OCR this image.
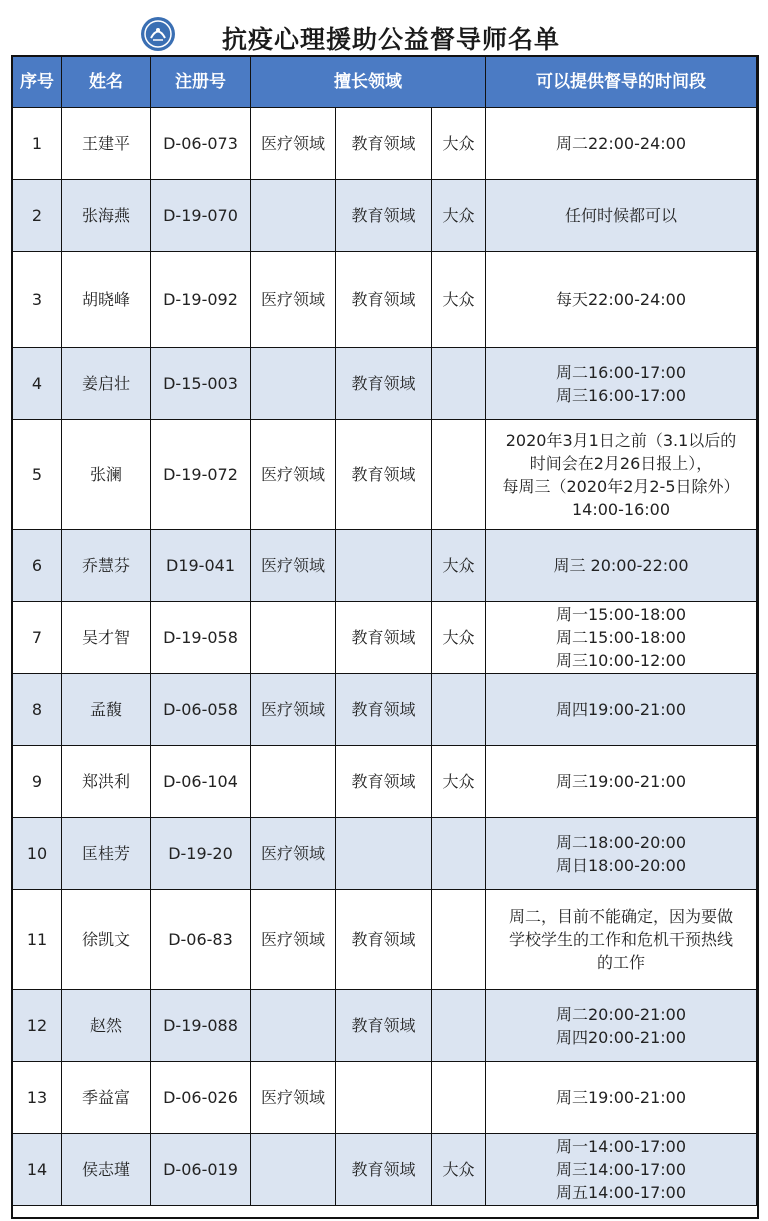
抗疫心理援助公益督导师名单
序号	姓名	注册号	擅长领域			可以提供督导的时间段
1	王建平	D-06-073	医疗领域	教育领域	大众	周二22:00-24:00

2	张海燕	D-19-070		教育领域	大众	任何时候都可以

3	胡晓峰	D-19-092	医疗领域	教育领域	大众	每天22:00-24:00

4	姜启壮	D-15-003		教育领域		周二16:00-17:00
周三16:00-17:00

5	张澜	D-19-072	医疗领域	教育领域		2020年3月1日之前（3.1以后的
时间会在2月26日报上），
每周三（2020年2月2-5日除外）
14:00-16:00

6	乔慧芬	D19-041	医疗领域		大众	周三 20:00-22:00

7	吴才智	D-19-058		教育领域	大众	周一15:00-18:00
周二15:00-18:00
周三10:00-12:00

8	孟馥	D-06-058	医疗领域	教育领域		周四19:00-21:00

9	郑洪利	D-06-104		教育领域	大众	周三19:00-21:00

10	匡桂芳	D-19-20	医疗领域			周二18:00-20:00
周日18:00-20:00

11	徐凯文	D-06-83	医疗领域	教育领域		周二，目前不能确定，因为要做
学校学生的工作和危机干预热线
的工作

12	赵然	D-19-088		教育领域		周二20:00-21:00
周四20:00-21:00

13	季益富	D-06-026	医疗领域			周三19:00-21:00

14	侯志瑾	D-06-019		教育领域	大众	周一14:00-17:00
周三14:00-17:00
周五14:00-17:00
